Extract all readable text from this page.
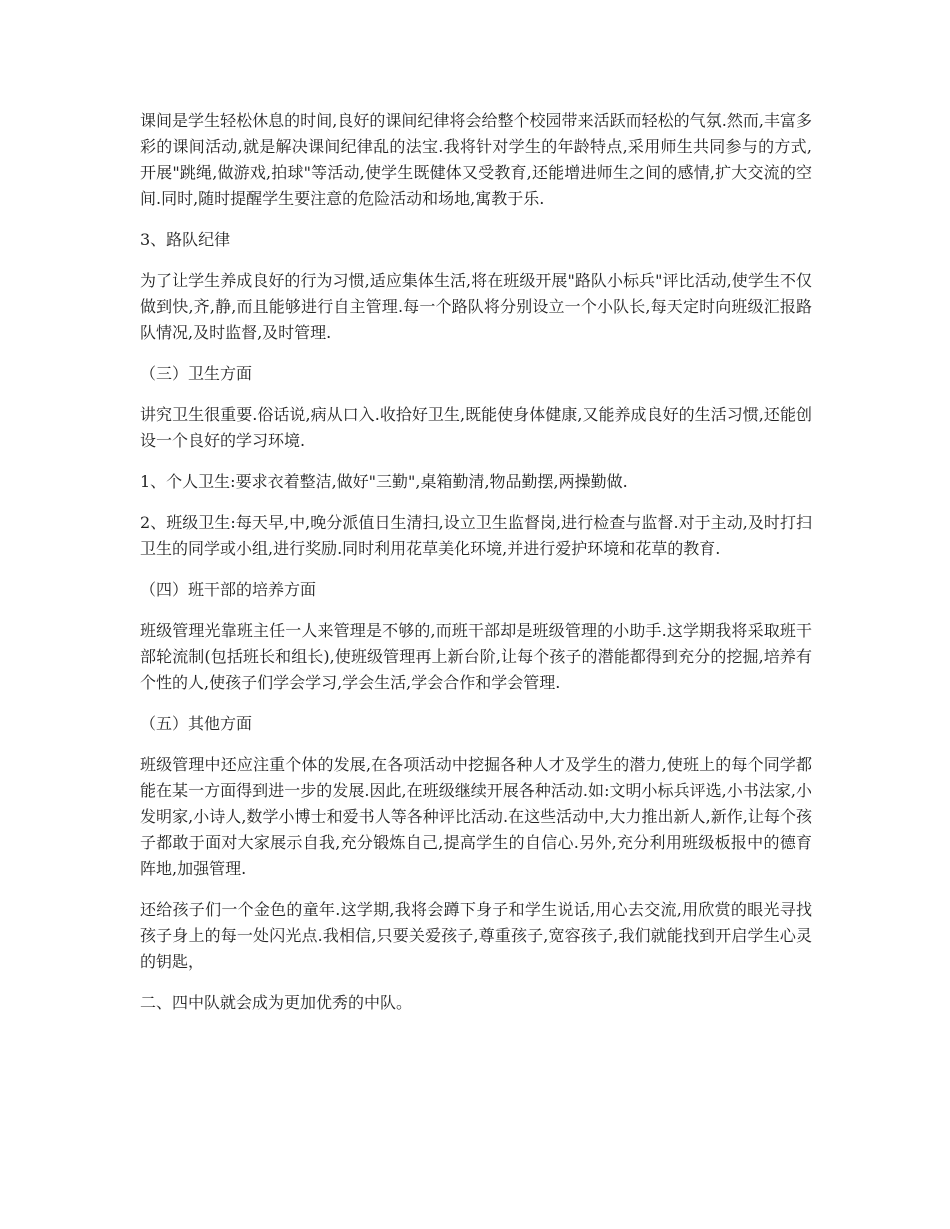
课间是学生轻松休息的时间,良好的课间纪律将会给整个校园带来活跃而轻松的气氛.然而,丰富多彩的课间活动,就是解决课间纪律乱的法宝.我将针对学生的年龄特点,采用师生共同参与的方式,开展"跳绳,做游戏,拍球"等活动,使学生既健体又受教育,还能增进师生之间的感情,扩大交流的空间.同时,随时提醒学生要注意的危险活动和场地,寓教于乐.

3、路队纪律

为了让学生养成良好的行为习惯,适应集体生活,将在班级开展"路队小标兵"评比活动,使学生不仅做到快,齐,静,而且能够进行自主管理.每一个路队将分别设立一个小队长,每天定时向班级汇报路队情况,及时监督,及时管理.

（三）卫生方面

讲究卫生很重要.俗话说,病从口入.收拾好卫生,既能使身体健康,又能养成良好的生活习惯,还能创设一个良好的学习环境.

1、个人卫生:要求衣着整洁,做好"三勤",桌箱勤清,物品勤摆,两操勤做.

2、班级卫生:每天早,中,晚分派值日生清扫,设立卫生监督岗,进行检查与监督.对于主动,及时打扫卫生的同学或小组,进行奖励.同时利用花草美化环境,并进行爱护环境和花草的教育.

（四）班干部的培养方面

班级管理光靠班主任一人来管理是不够的,而班干部却是班级管理的小助手.这学期我将采取班干部轮流制(包括班长和组长),使班级管理再上新台阶,让每个孩子的潜能都得到充分的挖掘,培养有个性的人,使孩子们学会学习,学会生活,学会合作和学会管理.

（五）其他方面

班级管理中还应注重个体的发展,在各项活动中挖掘各种人才及学生的潜力,使班上的每个同学都能在某一方面得到进一步的发展.因此,在班级继续开展各种活动.如:文明小标兵评选,小书法家,小发明家,小诗人,数学小博士和爱书人等各种评比活动.在这些活动中,大力推出新人,新作,让每个孩子都敢于面对大家展示自我,充分锻炼自己,提高学生的自信心.另外,充分利用班级板报中的德育阵地,加强管理.

还给孩子们一个金色的童年.这学期,我将会蹲下身子和学生说话,用心去交流,用欣赏的眼光寻找孩子身上的每一处闪光点.我相信,只要关爱孩子,尊重孩子,宽容孩子,我们就能找到开启学生心灵的钥匙，

二、四中队就会成为更加优秀的中队。
